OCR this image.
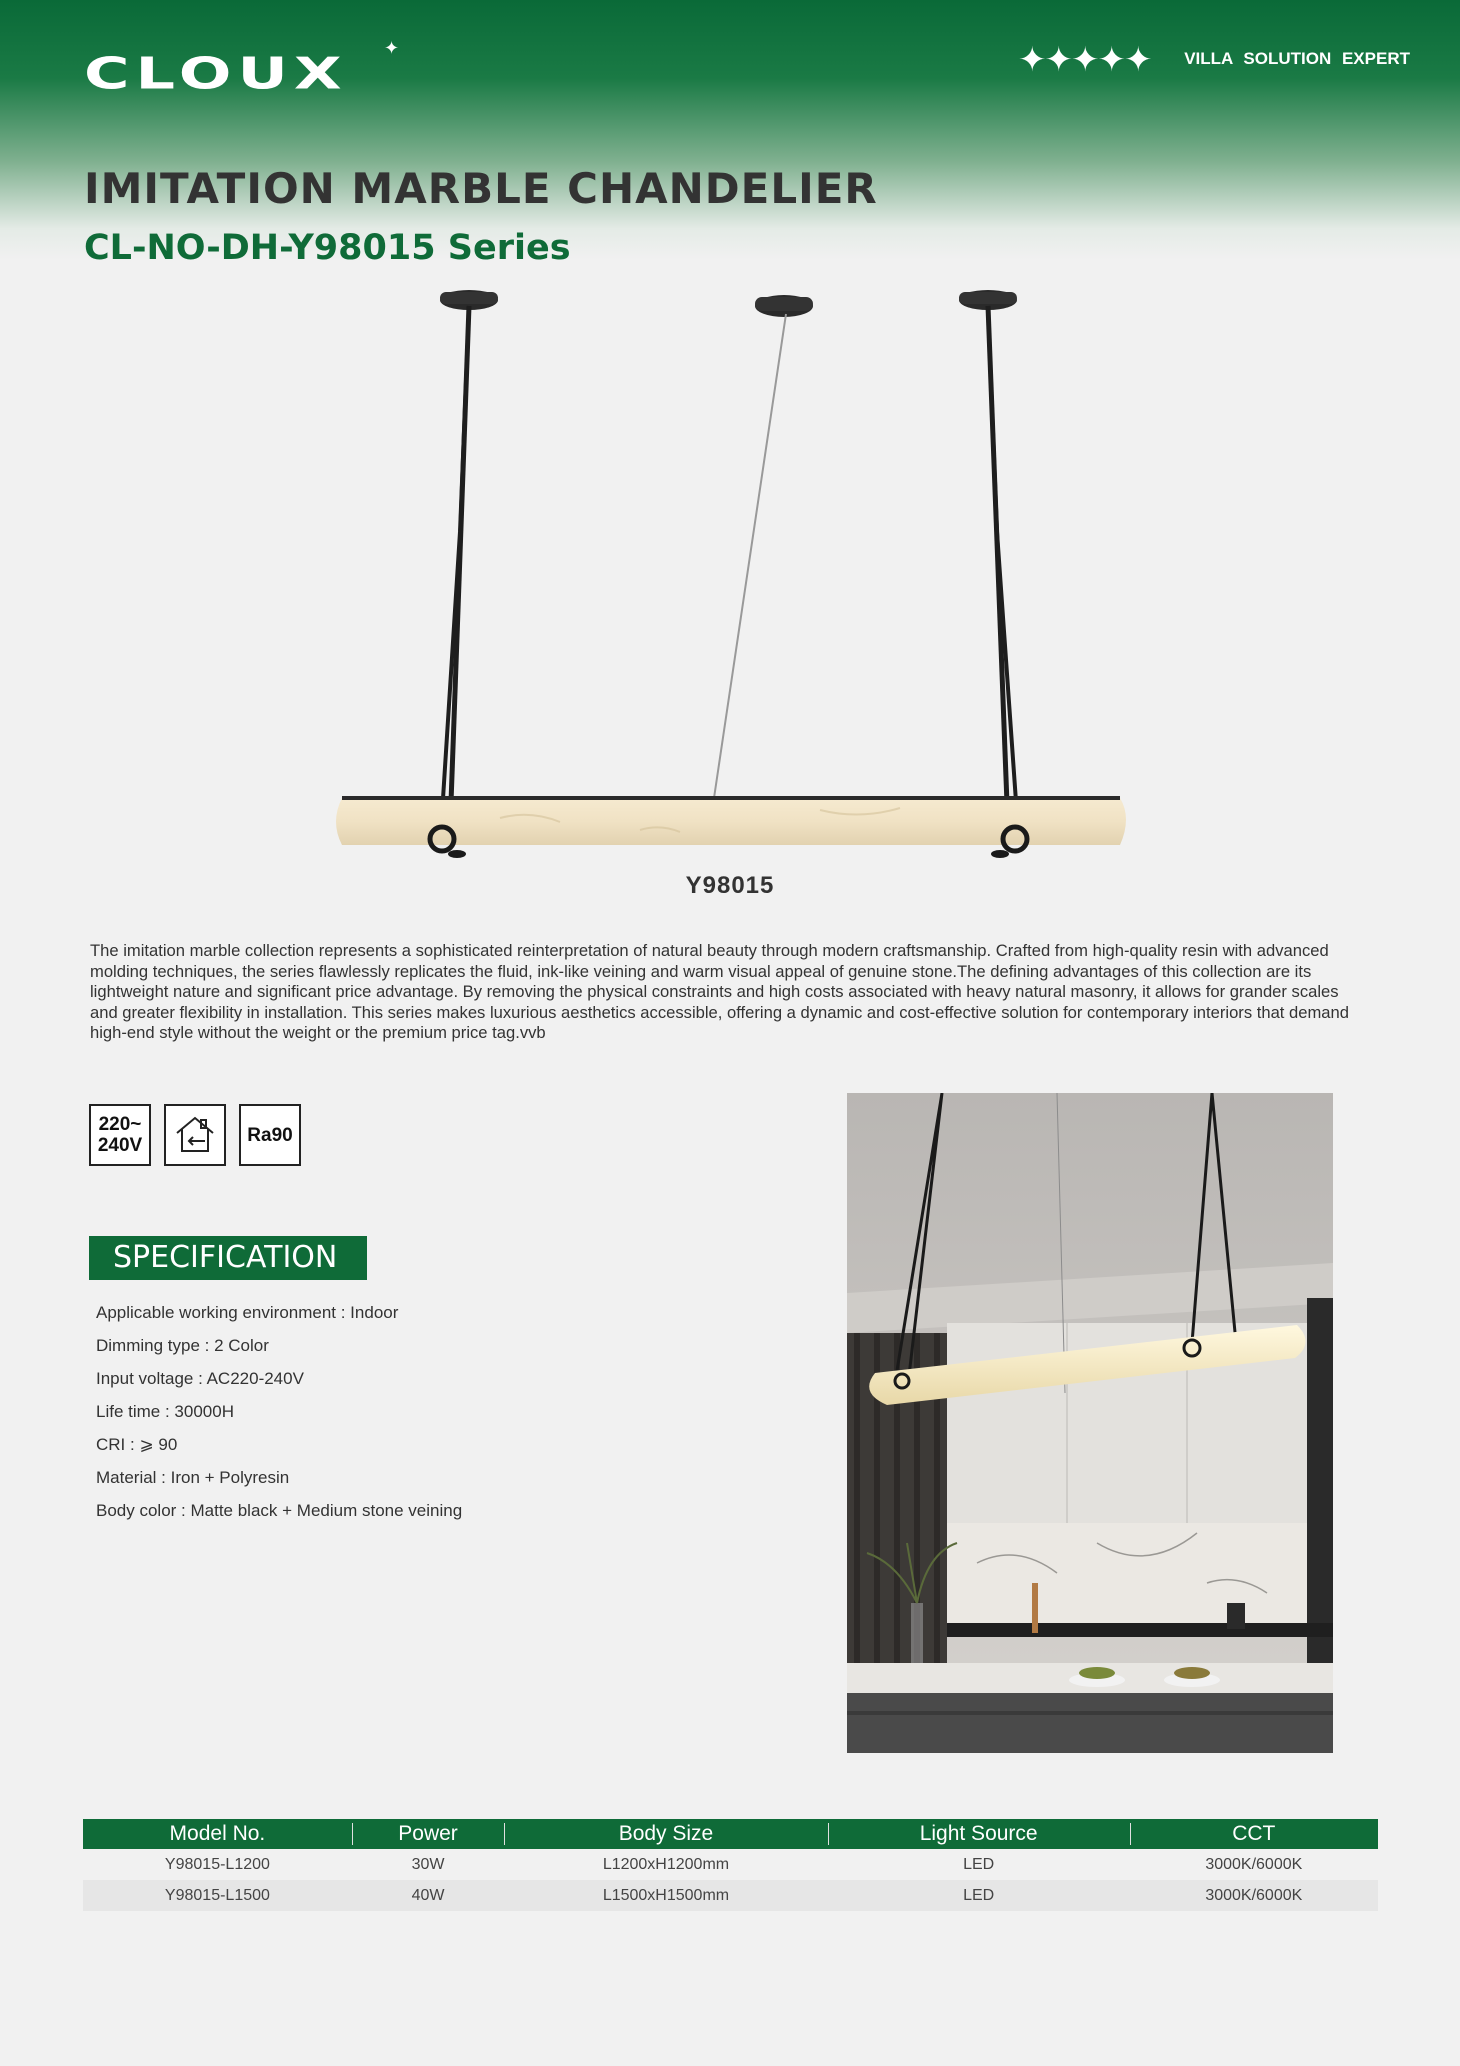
CLOUX
✦	✦✦✦✦✦ VILLA SOLUTION EXPERT
IMITATION MARBLE CHANDELIER
CL-NO-DH-Y98015 Series
Y98015

The imitation marble collection represents a sophisticated reinterpretation of natural beauty through modern craftsmanship. Crafted from high-quality resin with advanced molding techniques, the series flawlessly replicates the fluid, ink-like veining and warm visual appeal of genuine stone.The defining advantages of this collection are its lightweight nature and significant price advantage. By removing the physical constraints and high costs associated with heavy natural masonry, it allows for grander scales and greater flexibility in installation. This series makes luxurious aesthetics accessible, offering a dynamic and cost-effective solution for contemporary interiors that demand high-end style without the weight or the premium price tag.vvb

220~
240V	Ra90
SPECIFICATION
Applicable working environment : Indoor
Dimming type : 2 Color
Input voltage : AC220-240V
Life time : 30000H
CRI : ⩾ 90
Material : Iron + Polyresin
Body color : Matte black + Medium stone veining
Model No.	Power	Body Size	Light Source	CCT
Y98015-L1200	30W	L1200xH1200mm	LED	3000K/6000K
Y98015-L1500	40W	L1500xH1500mm	LED	3000K/6000K
